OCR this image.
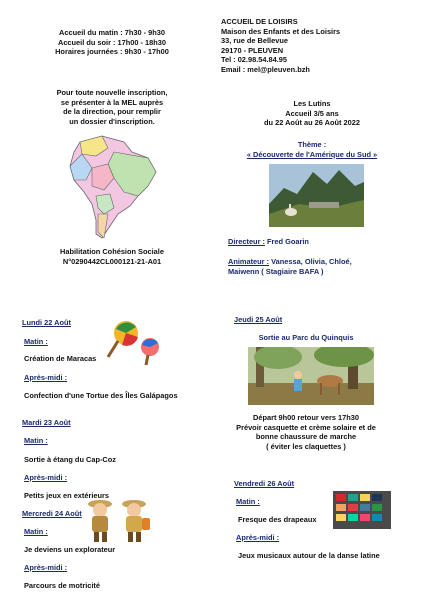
Accueil du matin : 7h30 - 9h30
Accueil du soir : 17h00 - 18h30
Horaires journées : 9h30 - 17h00
ACCUEIL DE LOISIRS
Maison des Enfants et des Loisirs
33, rue de Bellevue
29170 - PLEUVEN
Tel : 02.98.54.84.95
Email : mel@pleuven.bzh
Pour toute nouvelle inscription,
se présenter à la MEL auprès
de la direction, pour remplir
un dossier d'inscription.
Habilitation Cohésion Sociale
N°0290442CL000121-21-A01
Les Lutins
Accueil 3/5 ans
du 22 Août au 26 Août 2022
Thème :
« Découverte de l'Amérique du Sud »
Directeur : Fred Goarin
Animateur : Vanessa, Olivia, Chloé,
Maiwenn ( Stagiaire BAFA )
Lundi 22 Août
Matin :
Création de Maracas
Après-midi :
Confection d'une Tortue des Îles Galápagos
Mardi 23 Août
Matin :
Sortie à étang du Cap-Coz
Après-midi :
Petits jeux en extérieurs
Mercredi 24 Août
Matin :
Je deviens un explorateur
Après-midi :
Parcours de motricité
Jeudi 25 Août
Sortie au Parc du Quinquis
Départ 9h00 retour vers 17h30
Prévoir casquette et crème solaire et de
bonne chaussure de marche
( éviter les claquettes )
Vendredi 26 Août
Matin :
Fresque des drapeaux
Après-midi :
Jeux musicaux autour de la danse latine
